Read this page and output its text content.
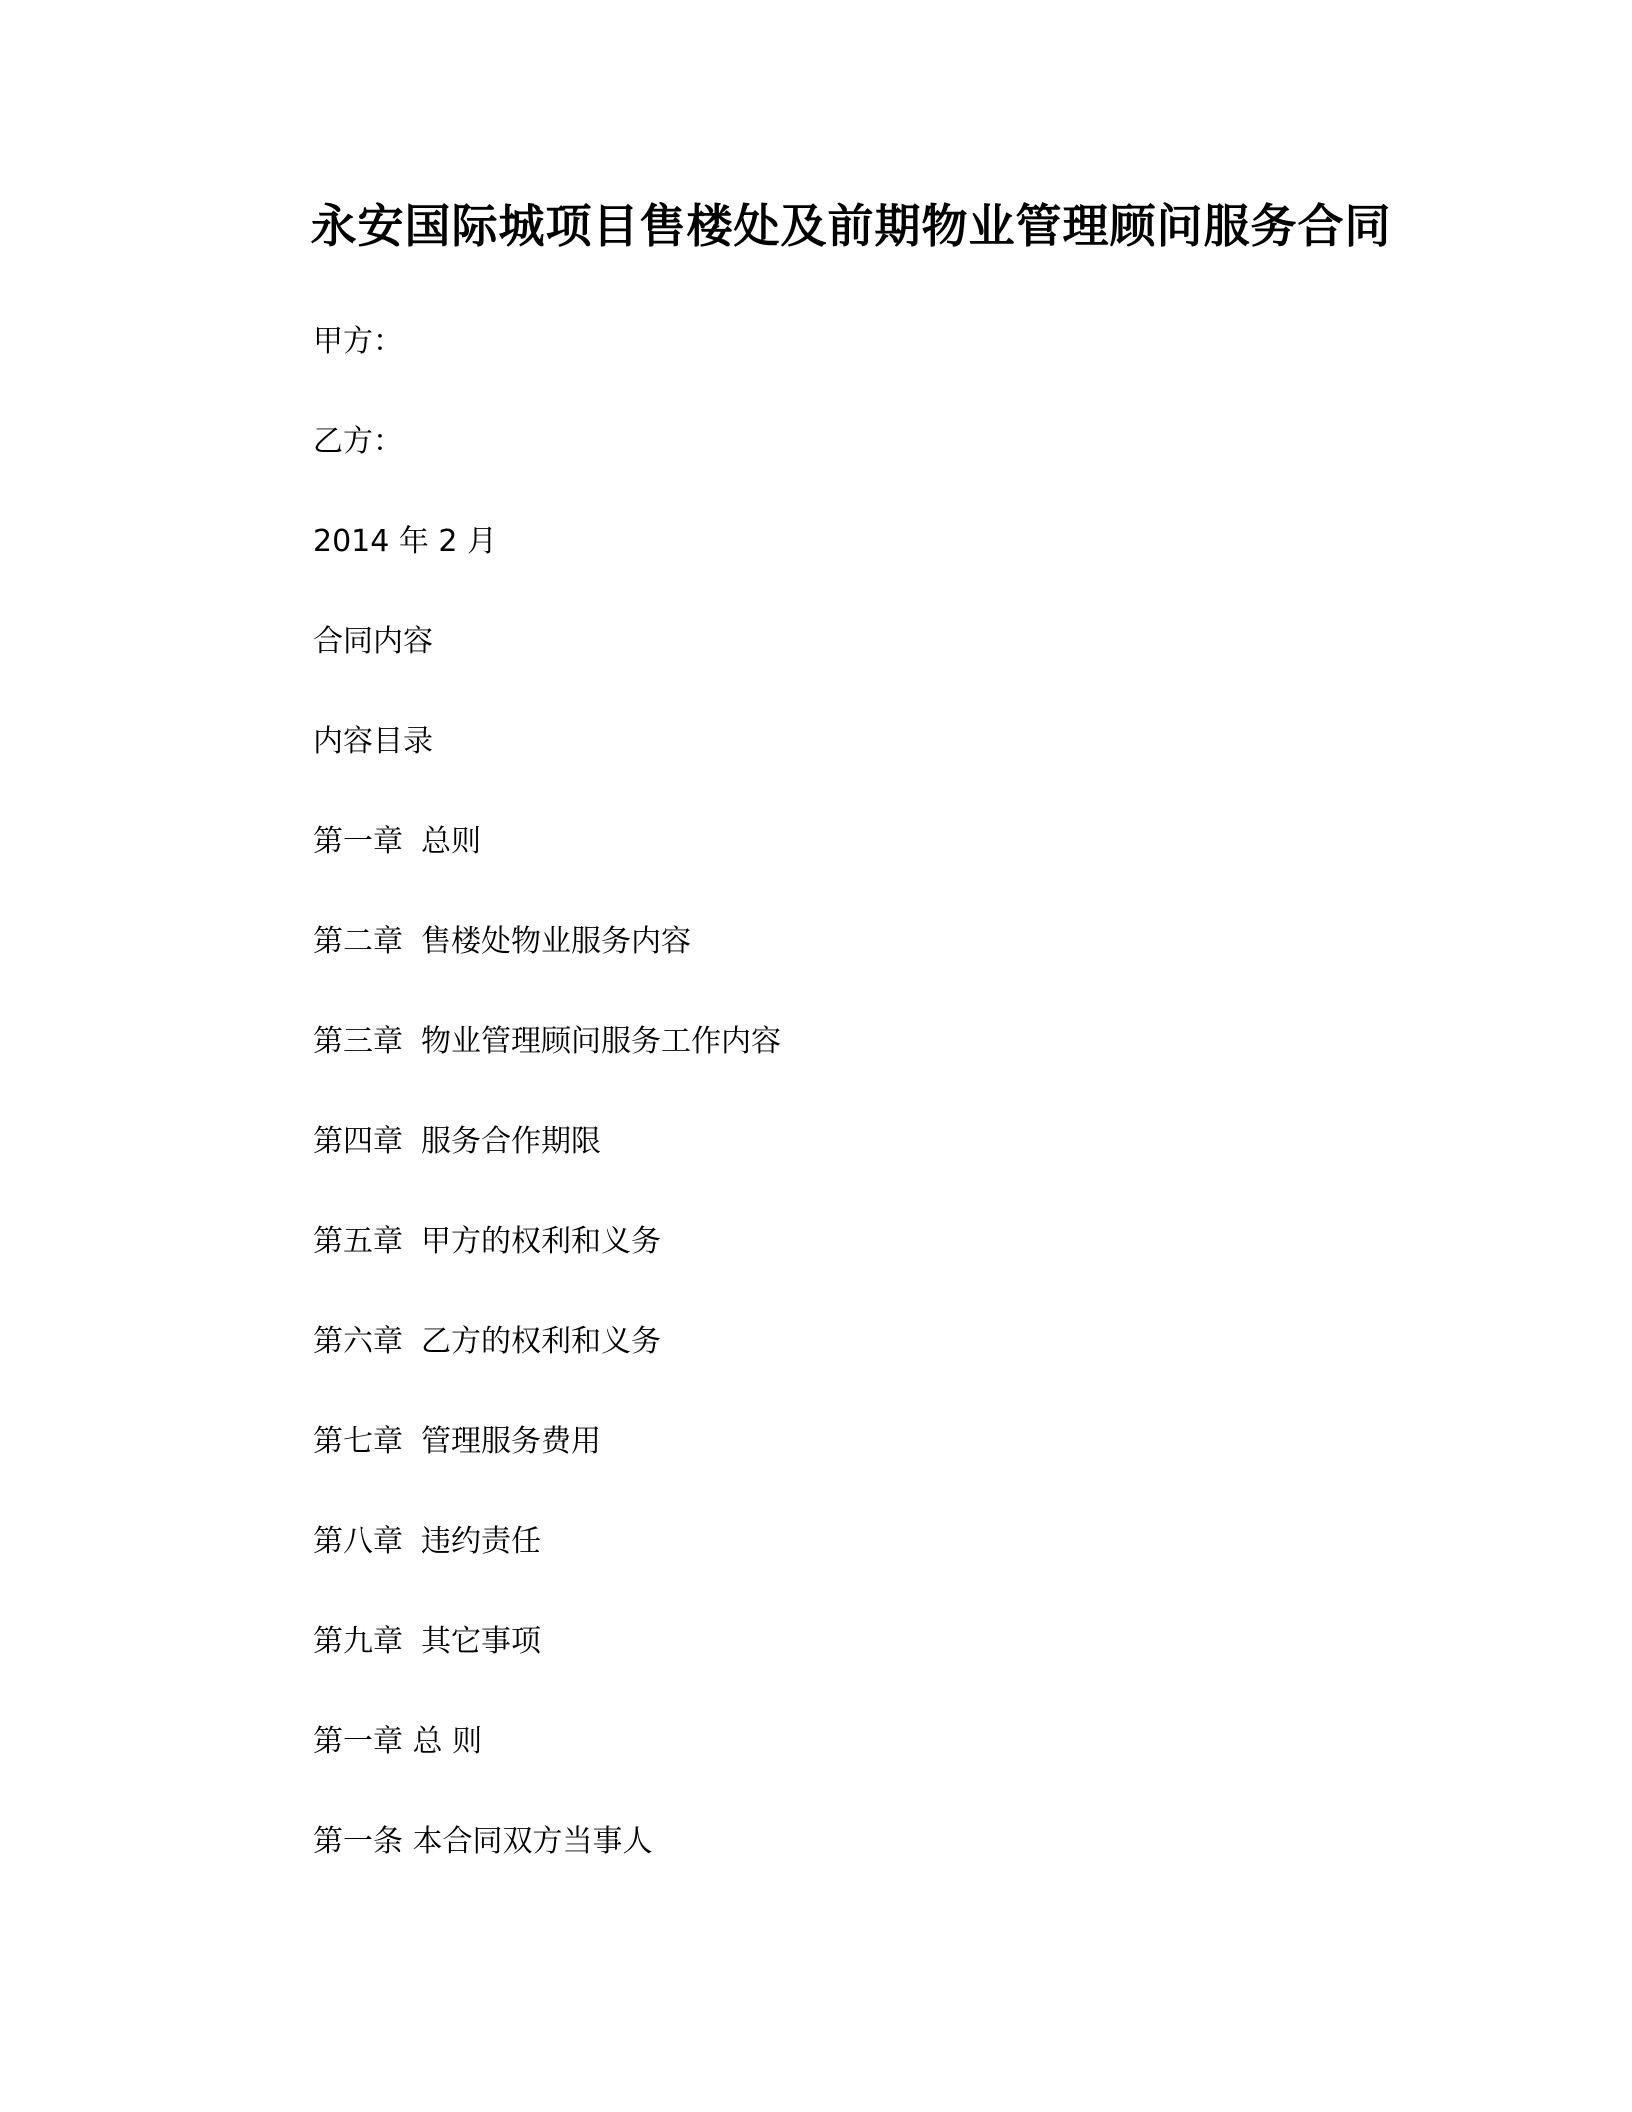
永安国际城项目售楼处及前期物业管理顾问服务合同
甲方：
乙方：
2014 年 2 月
合同内容
内容目录
第一章 总则
第二章 售楼处物业服务内容
第三章 物业管理顾问服务工作内容
第四章 服务合作期限
第五章 甲方的权利和义务
第六章 乙方的权利和义务
第七章 管理服务费用
第八章 违约责任
第九章 其它事项
第一章 总 则
第一条 本合同双方当事人
